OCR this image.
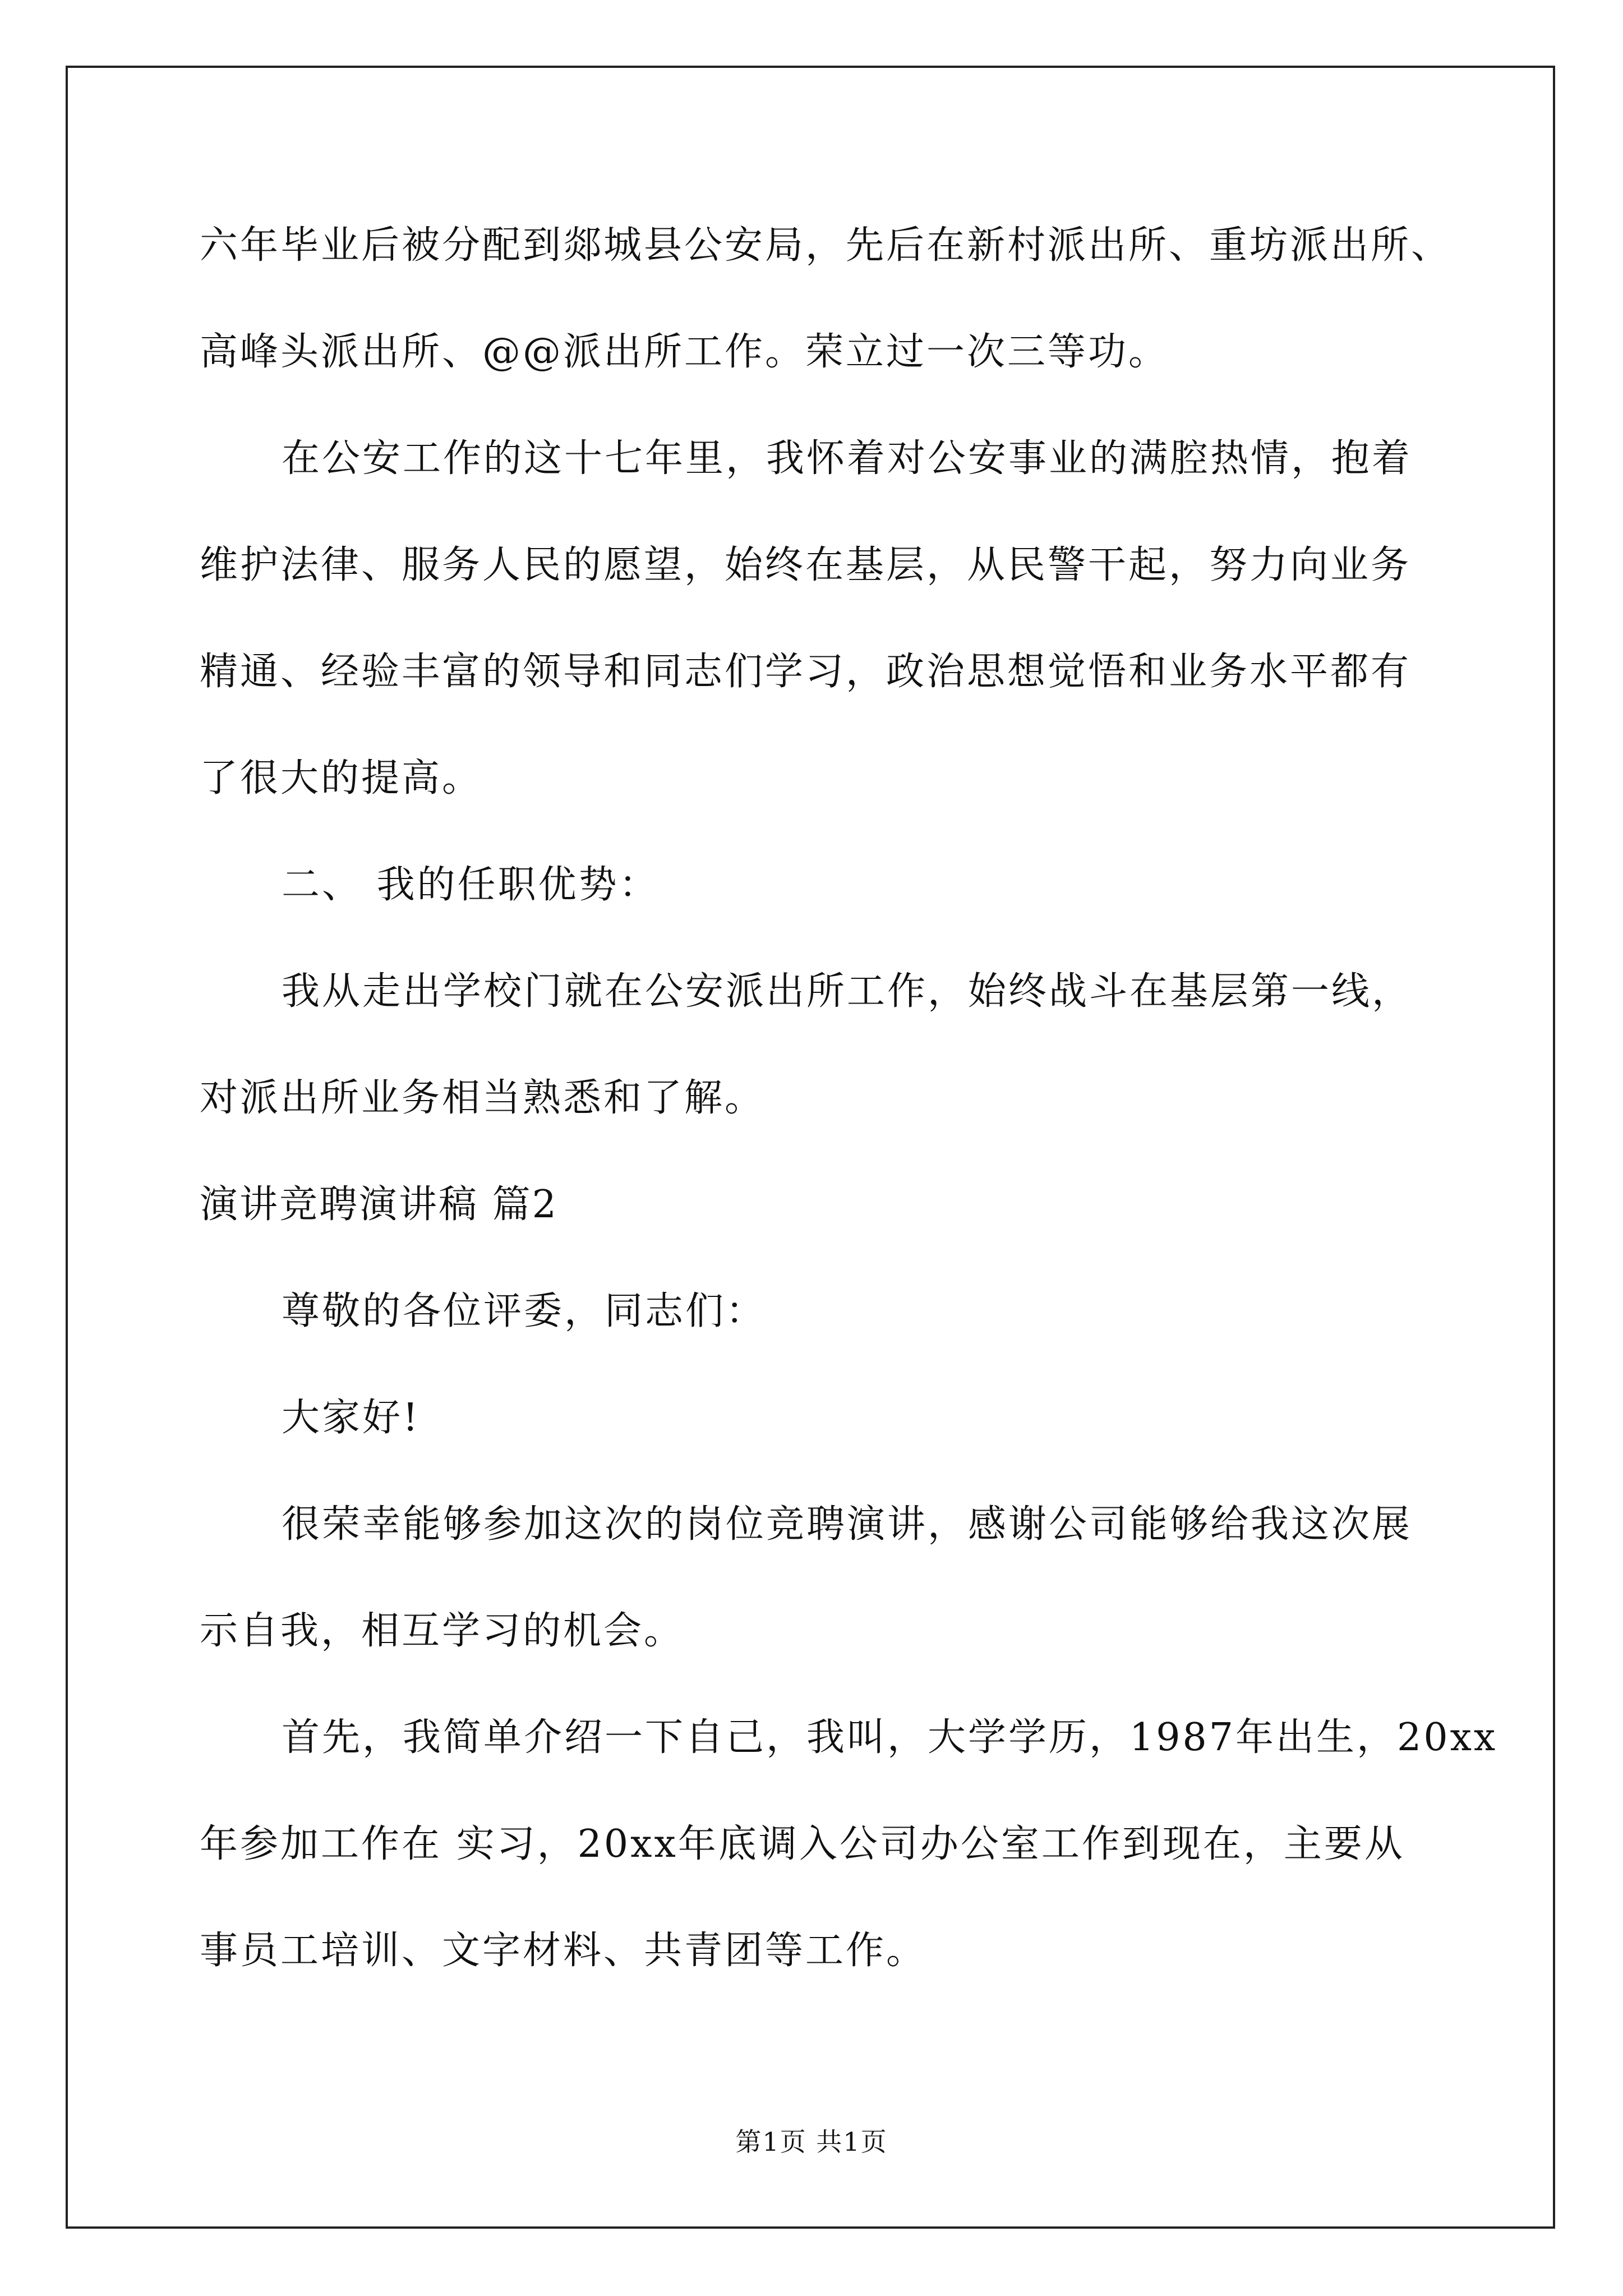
六年毕业后被分配到郯城县公安局，先后在新村派出所、重坊派出所、
高峰头派出所、@@派出所工作。荣立过一次三等功。
在公安工作的这十七年里，我怀着对公安事业的满腔热情，抱着
维护法律、服务人民的愿望，始终在基层，从民警干起，努力向业务
精通、经验丰富的领导和同志们学习，政治思想觉悟和业务水平都有
了很大的提高。
二、 我的任职优势：
我从走出学校门就在公安派出所工作，始终战斗在基层第一线，
对派出所业务相当熟悉和了解。
演讲竞聘演讲稿 篇2
尊敬的各位评委，同志们：
大家好!
很荣幸能够参加这次的岗位竞聘演讲，感谢公司能够给我这次展
示自我，相互学习的机会。
首先，我简单介绍一下自己，我叫，大学学历，1987年出生，20xx
年参加工作在 实习，20xx年底调入公司办公室工作到现在，主要从
事员工培训、文字材料、共青团等工作。
第1页 共1页
